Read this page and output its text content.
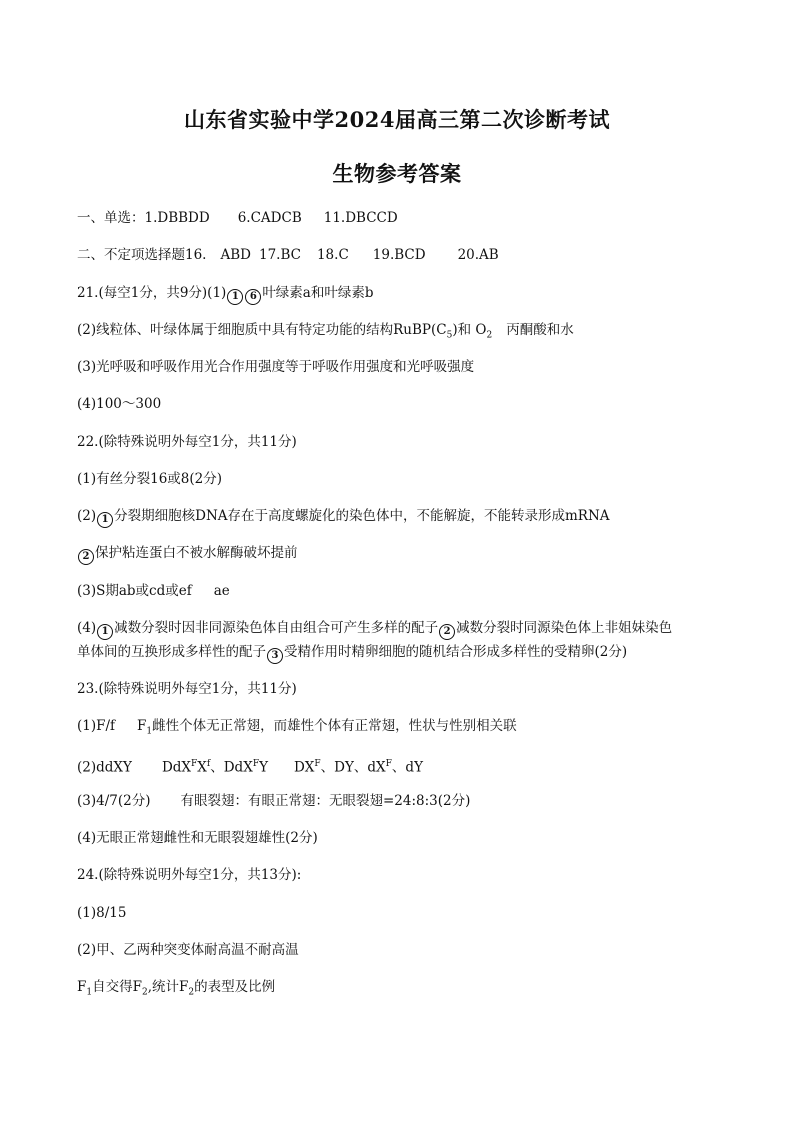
山东省实验中学2024届高三第二次诊断考试
生物参考答案
一、单选：1.DBBDD 6.CADCB 11.DBCCD
二、不定项选择题16. ABD 17.BC 18.C 19.BCD 20.AB
21.(每空1分，共9分)(1) 1 6 叶绿素a和叶绿素b
(2)线粒体、叶绿体属于细胞质中具有特定功能的结构$RuBP(C_5)$和 $O_2$ 丙酮酸和水
(3)光呼吸和呼吸作用光合作用强度等于呼吸作用强度和光呼吸强度
(4)100～300
22.(除特殊说明外每空1分，共11分)
(1)有丝分裂16或8(2分)
(2) 1 分裂期细胞核DNA存在于高度螺旋化的染色体中，不能解旋，不能转录形成mRNA
2 保护粘连蛋白不被水解酶破坏提前
(3)S期ab或cd或ef ae
(4) 1 减数分裂时因非同源染色体自由组合可产生多样的配子 2 减数分裂时同源染色体上非姐妹染色
单体间的互换形成多样性的配子 3 受精作用时精卵细胞的随机结合形成多样性的受精卵(2分)
23.(除特殊说明外每空1分，共11分)
(1)F/f $F_1$雌性个体无正常翅，而雄性个体有正常翅，性状与性别相关联
(2)ddXY $DdX^FX^f$、DdX$^F$Y $DX^F$、DY、$dX^F$、dY
(3)4/7(2分) 有眼裂翅：有眼正常翅：无眼裂翅=24:8:3(2分)
(4)无眼正常翅雌性和无眼裂翅雄性(2分)
24.(除特殊说明外每空1分，共13分):
(1)8/15
(2)甲、乙两种突变体耐高温不耐高温
$F_1$自交得$F_2$,统计$F_2$的表型及比例
